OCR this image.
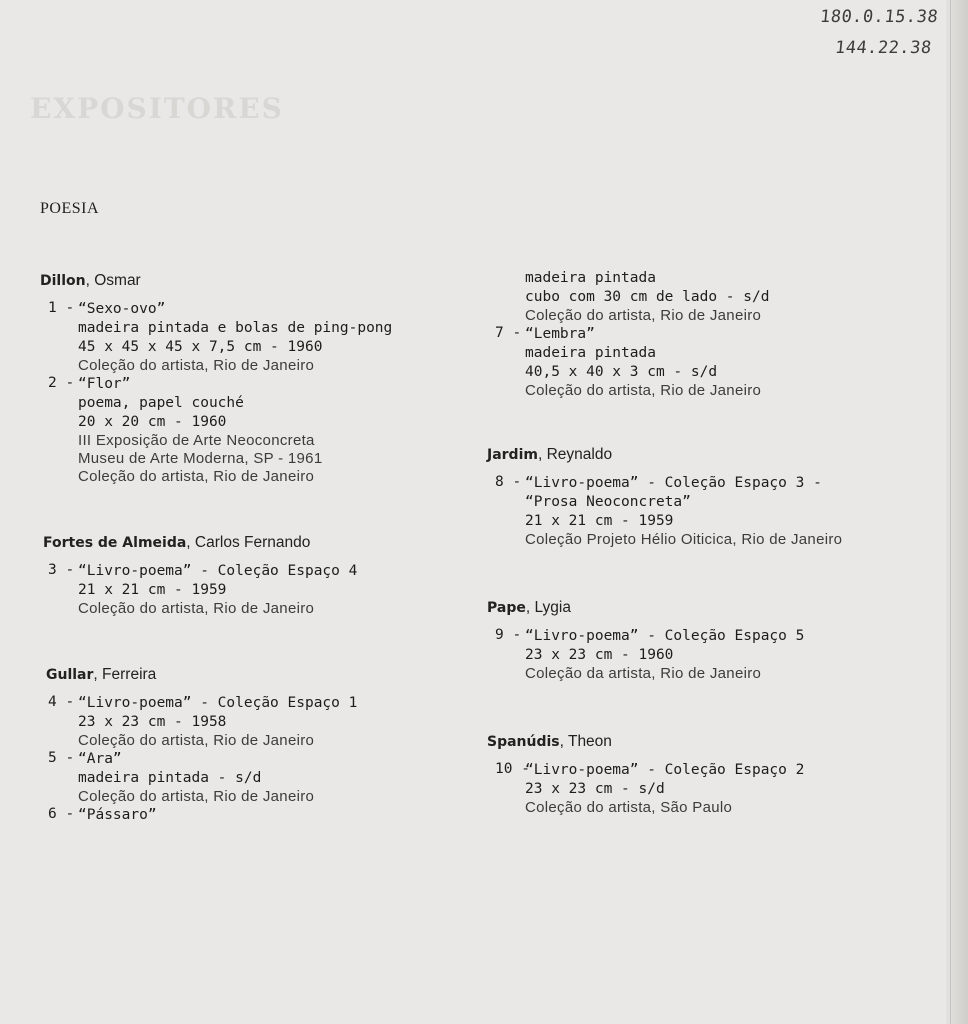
EXPOSITORES
180.0.15.38
144.22.38
POESIA
Dillon, Osmar
1 - “Sexo-ovo”
madeira pintada e bolas de ping-pong
45 x 45 x 45 x 7,5 cm - 1960
Coleção do artista, Rio de Janeiro
2 - “Flor”
poema, papel couché
20 x 20 cm - 1960
III Exposição de Arte Neoconcreta
Museu de Arte Moderna, SP - 1961
Coleção do artista, Rio de Janeiro
Fortes de Almeida, Carlos Fernando
3 - “Livro-poema” - Coleção Espaço 4
21 x 21 cm - 1959
Coleção do artista, Rio de Janeiro
Gullar, Ferreira
4 - “Livro-poema” - Coleção Espaço 1
23 x 23 cm - 1958
Coleção do artista, Rio de Janeiro
5 - “Ara”
madeira pintada - s/d
Coleção do artista, Rio de Janeiro
6 - “Pássaro”
madeira pintada
cubo com 30 cm de lado - s/d
Coleção do artista, Rio de Janeiro
7 - “Lembra”
madeira pintada
40,5 x 40 x 3 cm - s/d
Coleção do artista, Rio de Janeiro
Jardim, Reynaldo
8 - “Livro-poema” - Coleção Espaço 3 -
“Prosa Neoconcreta”
21 x 21 cm - 1959
Coleção Projeto Hélio Oiticica, Rio de Janeiro
Pape, Lygia
9 - “Livro-poema” - Coleção Espaço 5
23 x 23 cm - 1960
Coleção da artista, Rio de Janeiro
Spanúdis, Theon
10 -
“Livro-poema” - Coleção Espaço 2
23 x 23 cm - s/d
Coleção do artista, São Paulo
